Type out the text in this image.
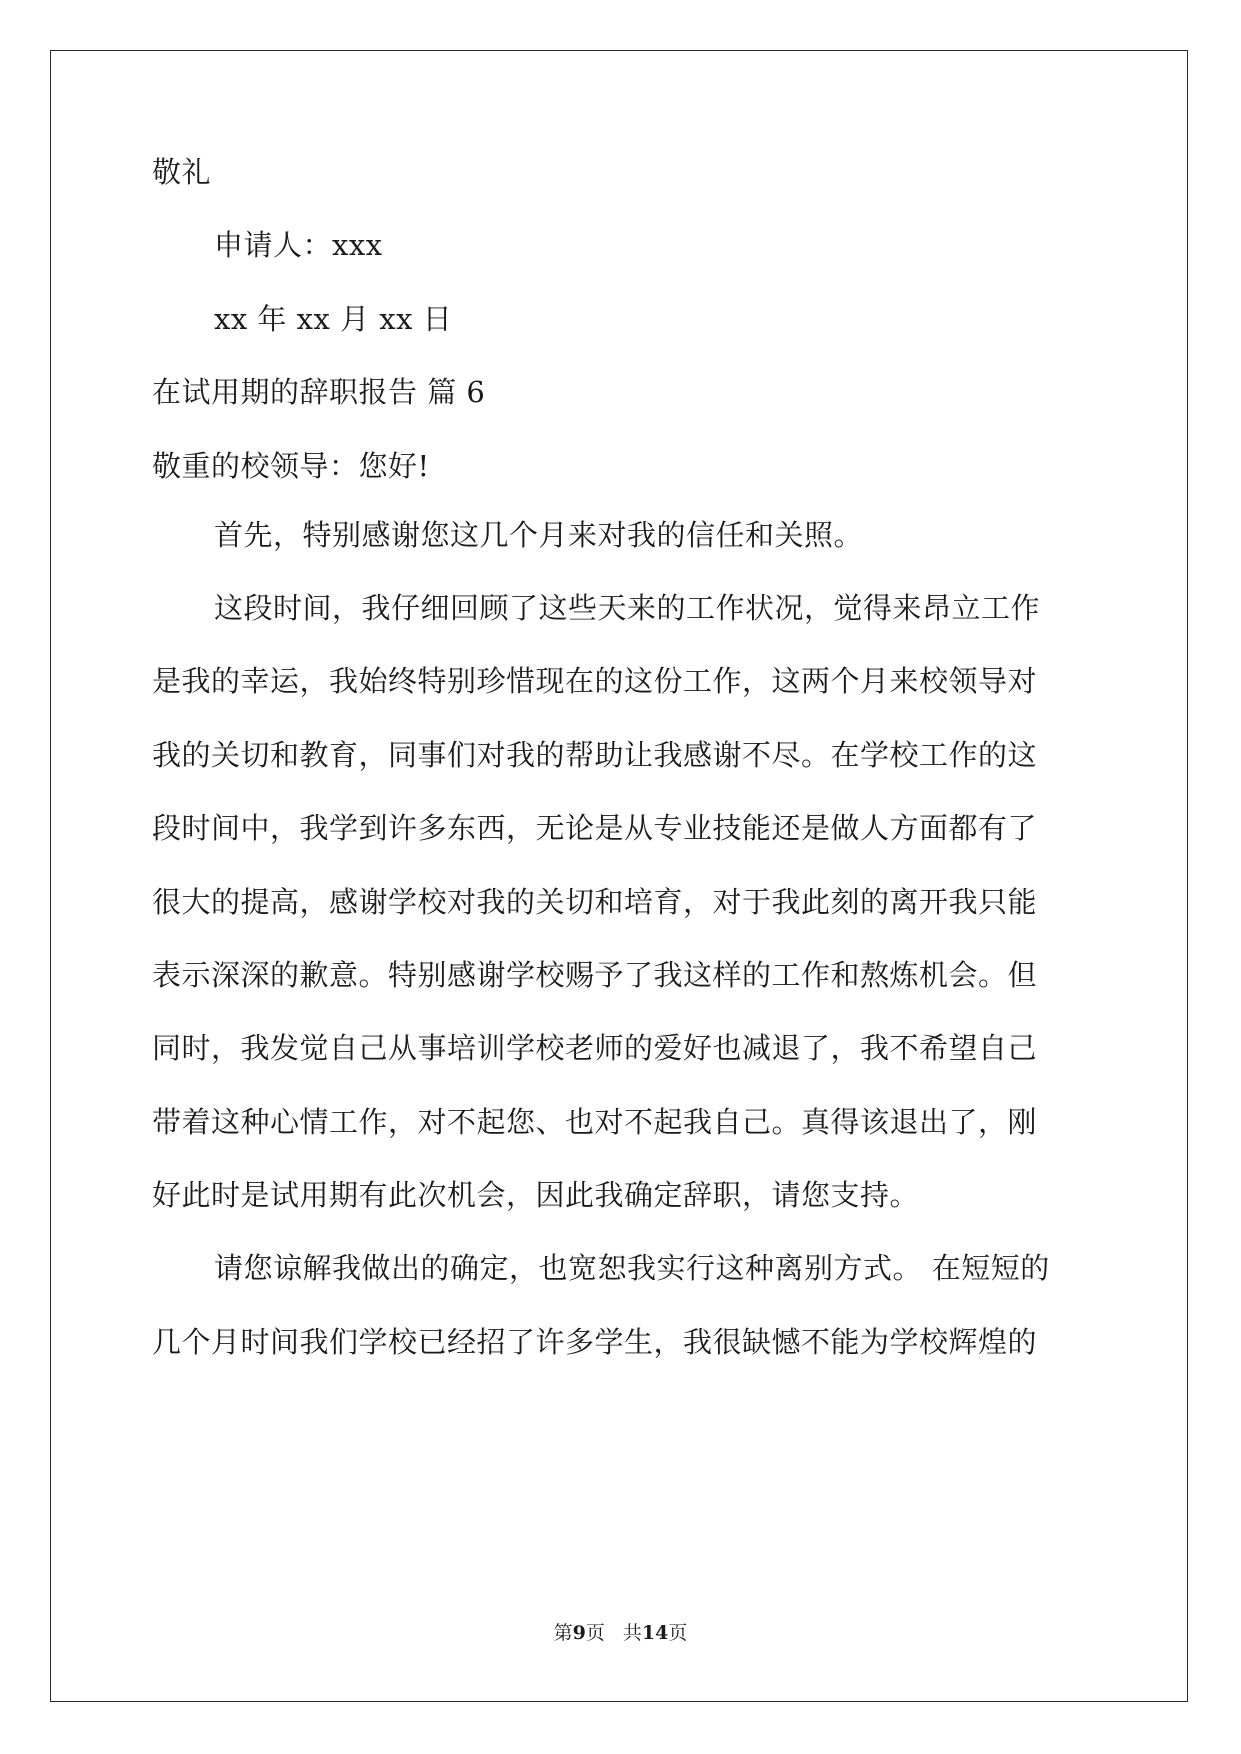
敬礼
申请人：xxx
xx 年 xx 月 xx 日
在试用期的辞职报告 篇 6
敬重的校领导：您好!
首先，特别感谢您这几个月来对我的信任和关照。
这段时间，我仔细回顾了这些天来的工作状况，觉得来昂立工作
是我的幸运，我始终特别珍惜现在的这份工作，这两个月来校领导对
我的关切和教育，同事们对我的帮助让我感谢不尽。在学校工作的这
段时间中，我学到许多东西，无论是从专业技能还是做人方面都有了
很大的提高，感谢学校对我的关切和培育，对于我此刻的离开我只能
表示深深的歉意。特别感谢学校赐予了我这样的工作和熬炼机会。但
同时，我发觉自己从事培训学校老师的爱好也减退了，我不希望自己
带着这种心情工作，对不起您、也对不起我自己。真得该退出了，刚
好此时是试用期有此次机会，因此我确定辞职，请您支持。
请您谅解我做出的确定，也宽恕我实行这种离别方式。 在短短的
几个月时间我们学校已经招了许多学生，我很缺憾不能为学校辉煌的
第9页 共14页
